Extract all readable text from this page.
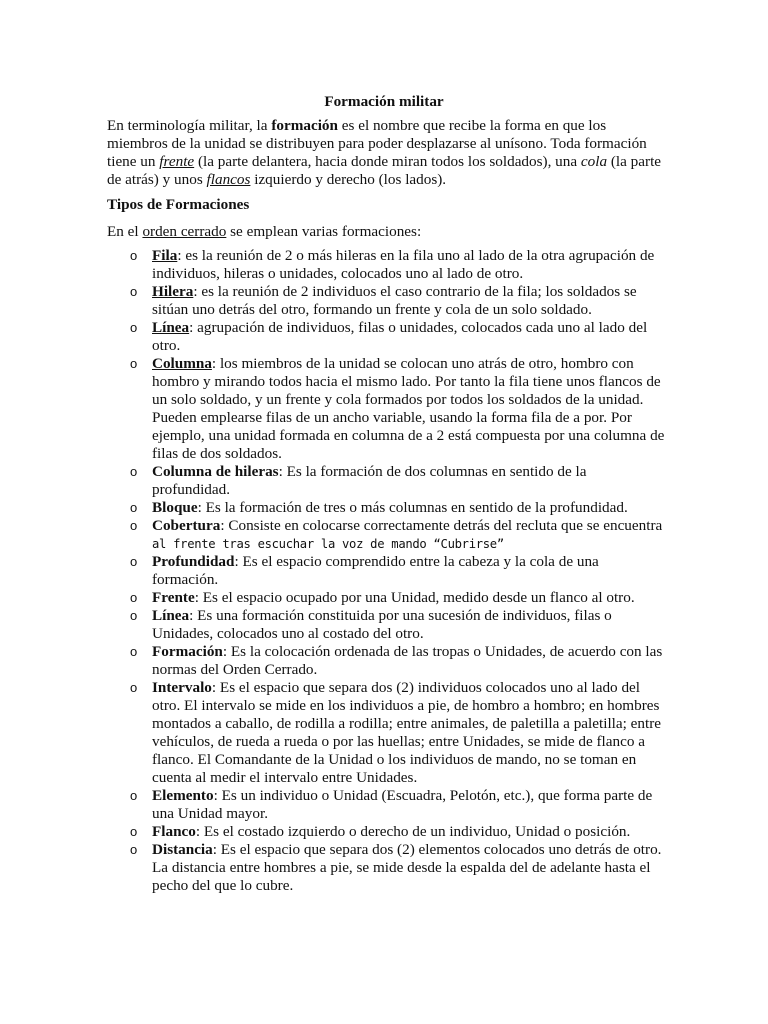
Formación militar
En terminología militar, la formación es el nombre que recibe la forma en que los miembros de la unidad se distribuyen para poder desplazarse al unísono. Toda formación tiene un frente (la parte delantera, hacia donde miran todos los soldados), una cola (la parte de atrás) y unos flancos izquierdo y derecho (los lados).
Tipos de Formaciones
En el orden cerrado se emplean varias formaciones:
o Fila: es la reunión de 2 o más hileras en la fila uno al lado de la otra agrupación de individuos, hileras o unidades, colocados uno al lado de otro.
o Hilera: es la reunión de 2 individuos el caso contrario de la fila; los soldados se sitúan uno detrás del otro, formando un frente y cola de un solo soldado.
o Línea: agrupación de individuos, filas o unidades, colocados cada uno al lado del otro.
o Columna: los miembros de la unidad se colocan uno atrás de otro, hombro con hombro y mirando todos hacia el mismo lado. Por tanto la fila tiene unos flancos de un solo soldado, y un frente y cola formados por todos los soldados de la unidad. Pueden emplearse filas de un ancho variable, usando la forma fila de a por. Por ejemplo, una unidad formada en columna de a 2 está compuesta por una columna de filas de dos soldados.
o Columna de hileras: Es la formación de dos columnas en sentido de la profundidad.
o Bloque: Es la formación de tres o más columnas en sentido de la profundidad.
o Cobertura: Consiste en colocarse correctamente detrás del recluta que se encuentra al frente tras escuchar la voz de mando “Cubrirse”
o Profundidad: Es el espacio comprendido entre la cabeza y la cola de una formación.
o Frente: Es el espacio ocupado por una Unidad, medido desde un flanco al otro.
o Línea: Es una formación constituida por una sucesión de individuos, filas o Unidades, colocados uno al costado del otro.
o Formación: Es la colocación ordenada de las tropas o Unidades, de acuerdo con las normas del Orden Cerrado.
o Intervalo: Es el espacio que separa dos (2) individuos colocados uno al lado del otro. El intervalo se mide en los individuos a pie, de hombro a hombro; en hombres montados a caballo, de rodilla a rodilla; entre animales, de paletilla a paletilla; entre vehículos, de rueda a rueda o por las huellas; entre Unidades, se mide de flanco a flanco. El Comandante de la Unidad o los individuos de mando, no se toman en cuenta al medir el intervalo entre Unidades.
o Elemento: Es un individuo o Unidad (Escuadra, Pelotón, etc.), que forma parte de una Unidad mayor.
o Flanco: Es el costado izquierdo o derecho de un individuo, Unidad o posición.
o Distancia: Es el espacio que separa dos (2) elementos colocados uno detrás de otro. La distancia entre hombres a pie, se mide desde la espalda del de adelante hasta el pecho del que lo cubre.
